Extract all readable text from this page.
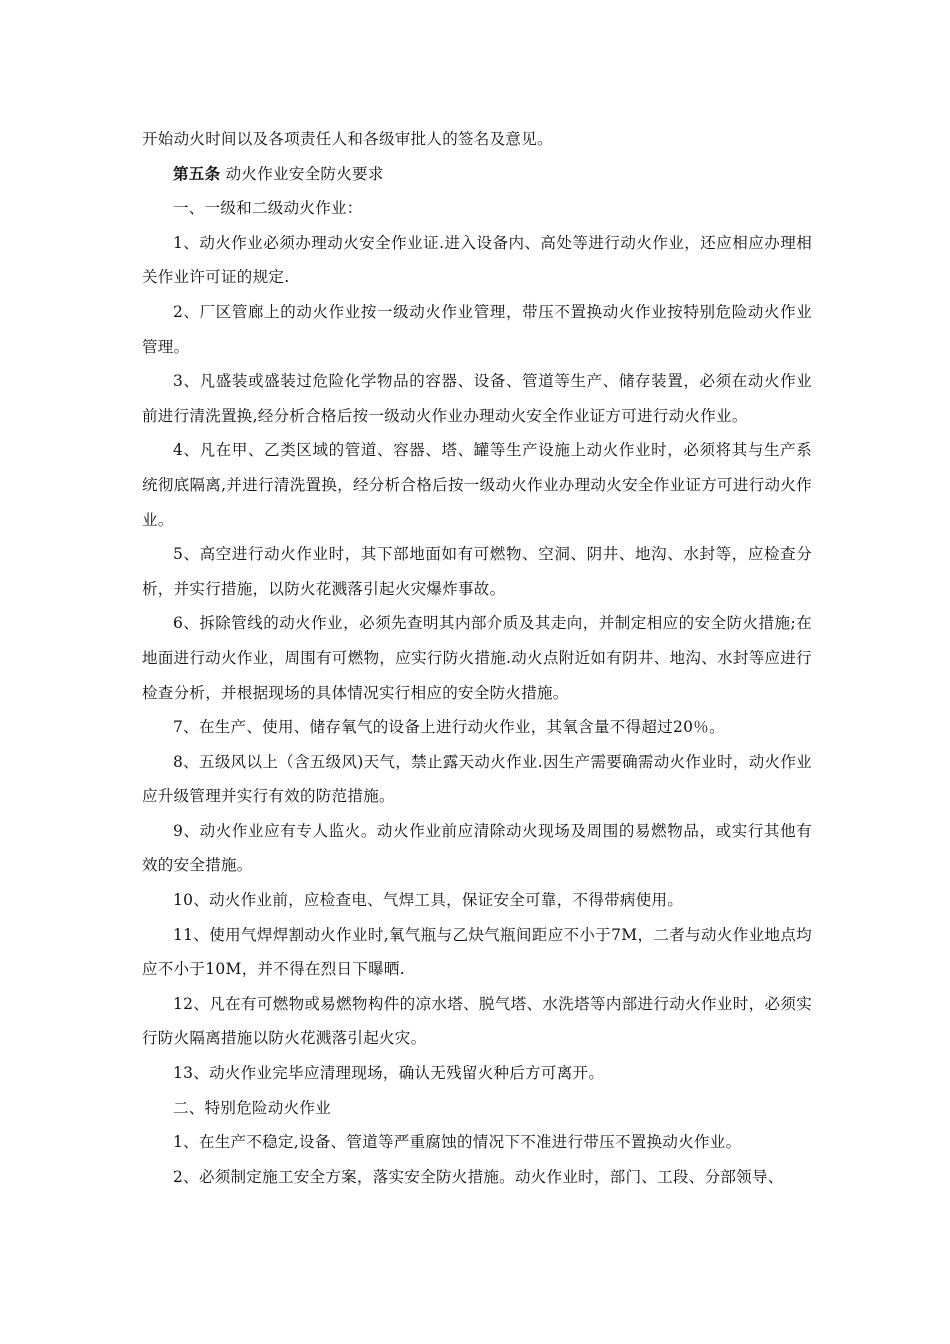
开始动火时间以及各项责任人和各级审批人的签名及意见。

第五条 动火作业安全防火要求

一、一级和二级动火作业：

1、动火作业必须办理动火安全作业证.进入设备内、高处等进行动火作业，还应相应办理相关作业许可证的规定.

2、厂区管廊上的动火作业按一级动火作业管理，带压不置换动火作业按特别危险动火作业管理。

3、凡盛装或盛装过危险化学物品的容器、设备、管道等生产、储存装置，必须在动火作业前进行清洗置换,经分析合格后按一级动火作业办理动火安全作业证方可进行动火作业。

4、凡在甲、乙类区域的管道、容器、塔、罐等生产设施上动火作业时，必须将其与生产系统彻底隔离,并进行清洗置换，经分析合格后按一级动火作业办理动火安全作业证方可进行动火作业。

5、高空进行动火作业时，其下部地面如有可燃物、空洞、阴井、地沟、水封等，应检查分析，并实行措施，以防火花溅落引起火灾爆炸事故。

6、拆除管线的动火作业，必须先查明其内部介质及其走向，并制定相应的安全防火措施;在地面进行动火作业，周围有可燃物，应实行防火措施.动火点附近如有阴井、地沟、水封等应进行检查分析，并根据现场的具体情况实行相应的安全防火措施。

7、在生产、使用、储存氧气的设备上进行动火作业，其氧含量不得超过20％。

8、五级风以上（含五级风)天气，禁止露天动火作业.因生产需要确需动火作业时，动火作业应升级管理并实行有效的防范措施。

9、动火作业应有专人监火。动火作业前应清除动火现场及周围的易燃物品，或实行其他有效的安全措施。

10、动火作业前，应检查电、气焊工具，保证安全可靠，不得带病使用。

11、使用气焊焊割动火作业时,氧气瓶与乙炔气瓶间距应不小于7M，二者与动火作业地点均应不小于10M，并不得在烈日下曝晒.

12、凡在有可燃物或易燃物构件的凉水塔、脱气塔、水洗塔等内部进行动火作业时，必须实行防火隔离措施以防火花溅落引起火灾。

13、动火作业完毕应清理现场，确认无残留火种后方可离开。

二、特别危险动火作业

1、在生产不稳定,设备、管道等严重腐蚀的情况下不准进行带压不置换动火作业。

2、必须制定施工安全方案，落实安全防火措施。动火作业时，部门、工段、分部领导、
